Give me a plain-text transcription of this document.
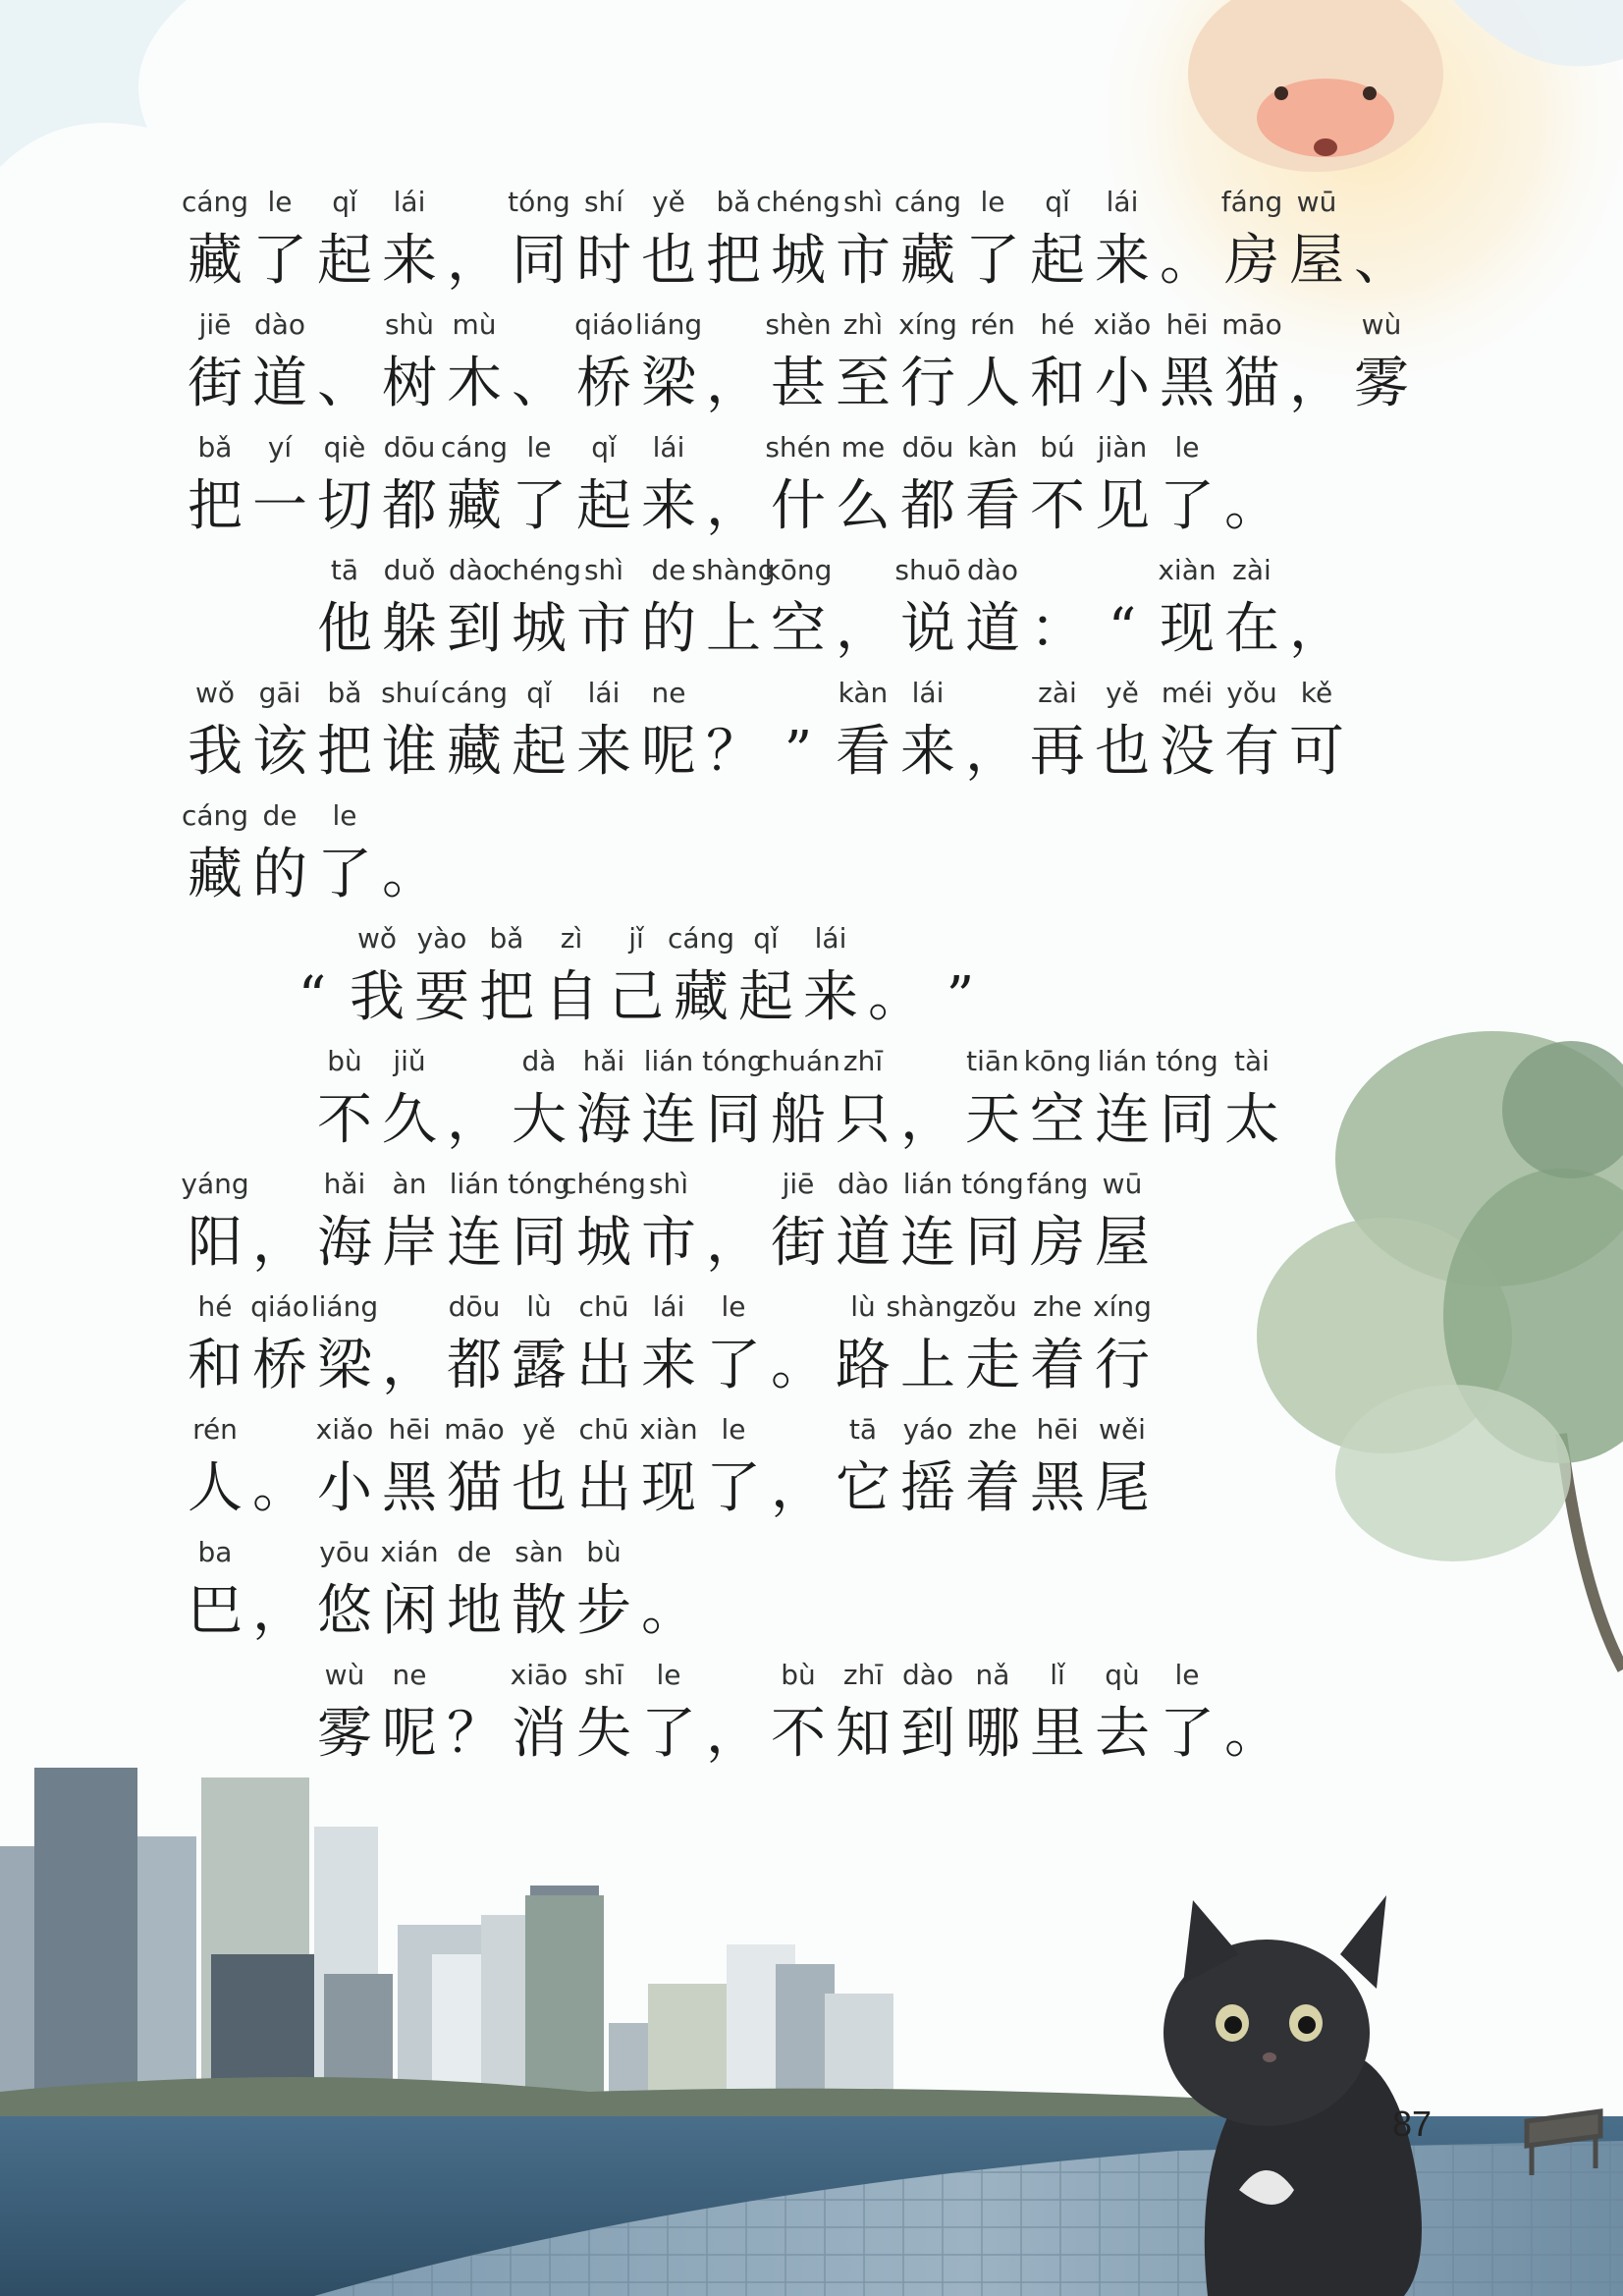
cáng
藏
le
了
qǐ
起
lái
来 ，
tóng
同
shí
时
yě
也
bǎ
把
chéng
城
shì
市
cáng
藏
le
了
qǐ
起
lái
来 。
fáng
房
wū
屋 、
jiē
街
dào
道 、
shù
树
mù
木 、
qiáo
桥
liáng
梁 ，
shèn
甚
zhì
至
xíng
行
rén
人
hé
和
xiǎo
小
hēi
黑
māo
猫 ，
wù
雾
bǎ
把
yí
一
qiè
切
dōu
都
cáng
藏
le
了
qǐ
起
lái
来 ，
shén
什
me
么
dōu
都
kàn
看
bú
不
jiàn
见
le
了 。
tā
他
duǒ
躲
dào
到
chéng
城
shì
市
de
的
shàng
上
kōng
空 ，
shuō
说
dào
道 ： “
xiàn
现
zài
在 ，
wǒ
我
gāi
该
bǎ
把
shuí
谁
cáng
藏
qǐ
起
lái
来
ne
呢 ？ ”
kàn
看
lái
来 ，
zài
再
yě
也
méi
没
yǒu
有
kě
可
cáng
藏
de
的
le
了 。
“
wǒ
我
yào
要
bǎ
把
zì
自
jǐ
己
cáng
藏
qǐ
起
lái
来 。 ”
bù
不
jiǔ
久 ，
dà
大
hǎi
海
lián
连
tóng
同
chuán
船
zhī
只 ，
tiān
天
kōng
空
lián
连
tóng
同
tài
太
yáng
阳 ，
hǎi
海
àn
岸
lián
连
tóng
同
chéng
城
shì
市 ，
jiē
街
dào
道
lián
连
tóng
同
fáng
房
wū
屋
hé
和
qiáo
桥
liáng
梁 ，
dōu
都
lù
露
chū
出
lái
来
le
了 。
lù
路
shàng
上
zǒu
走
zhe
着
xíng
行
rén
人 。
xiǎo
小
hēi
黑
māo
猫
yě
也
chū
出
xiàn
现
le
了 ，
tā
它
yáo
摇
zhe
着
hēi
黑
wěi
尾
ba
巴 ，
yōu
悠
xián
闲
de
地
sàn
散
bù
步 。
wù
雾
ne
呢 ？
xiāo
消
shī
失
le
了 ，
bù
不
zhī
知
dào
到
nǎ
哪
lǐ
里
qù
去
le
了 。
87
